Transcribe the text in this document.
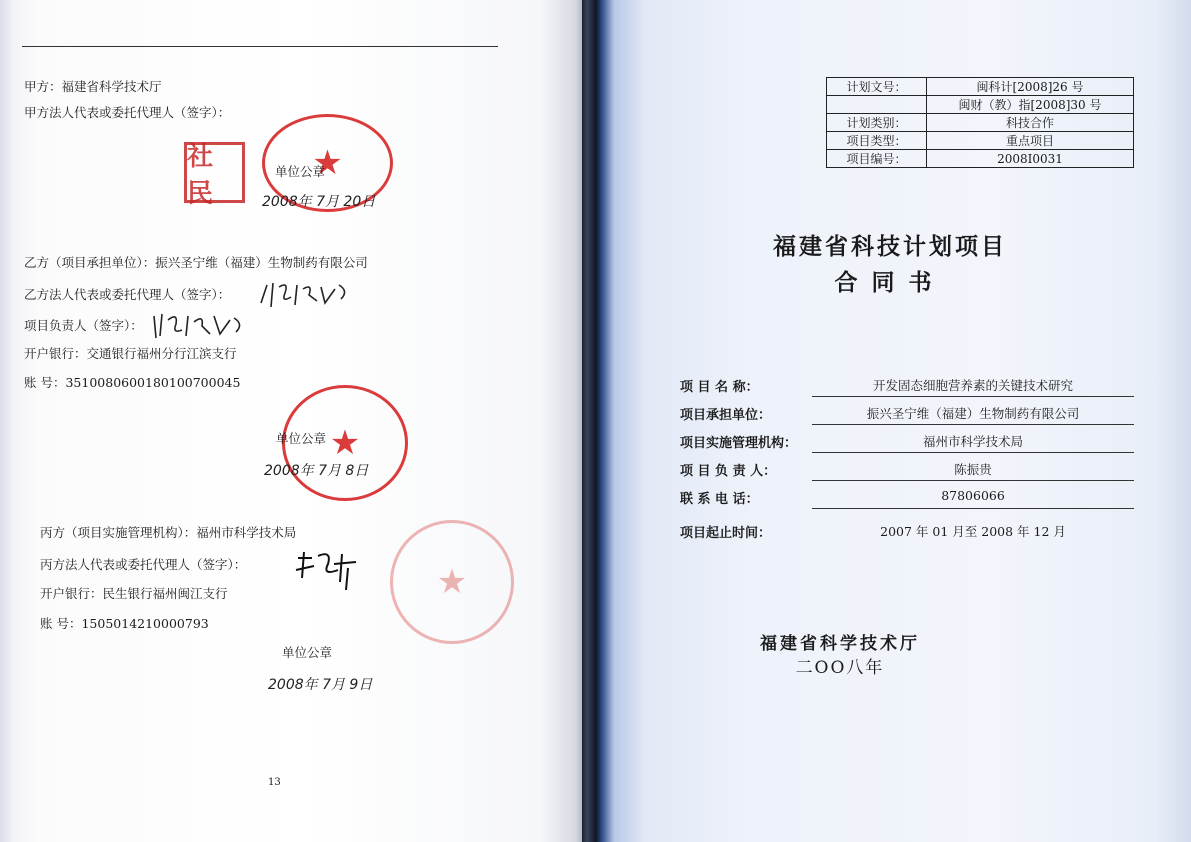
甲方：福建省科学技术厅
甲方法人代表或委托代理人（签字）：
社民
★
单位公章
2008年 7月 20日
乙方（项目承担单位）：振兴圣宁维（福建）生物制药有限公司
乙方法人代表或委托代理人（签字）：
项目负责人（签字）：
开户银行：交通银行福州分行江滨支行
账 号：3510080600180100700045
★
单位公章
2008年 7月 8日
丙方（项目实施管理机构）：福州市科学技术局
丙方法人代表或委托代理人（签字）：	★
开户银行：民生银行福州闽江支行
账 号：1505014210000793
单位公章
2008年 7月 9日
13
计划文号：	闽科计[2008]26 号
	闽财（教）指[2008]30 号
计划类别：	科技合作
项目类型：	重点项目
项目编号：	2008I0031
福建省科技计划项目
合同书
项 目 名 称：	开发固态细胞营养素的关键技术研究
项目承担单位：	振兴圣宁维（福建）生物制药有限公司
项目实施管理机构：	福州市科学技术局
项 目 负 责 人：	陈振贵
联 系 电 话：	87806066
项目起止时间：	2007 年 01 月至 2008 年 12 月
福建省科学技术厅
二OO八年
